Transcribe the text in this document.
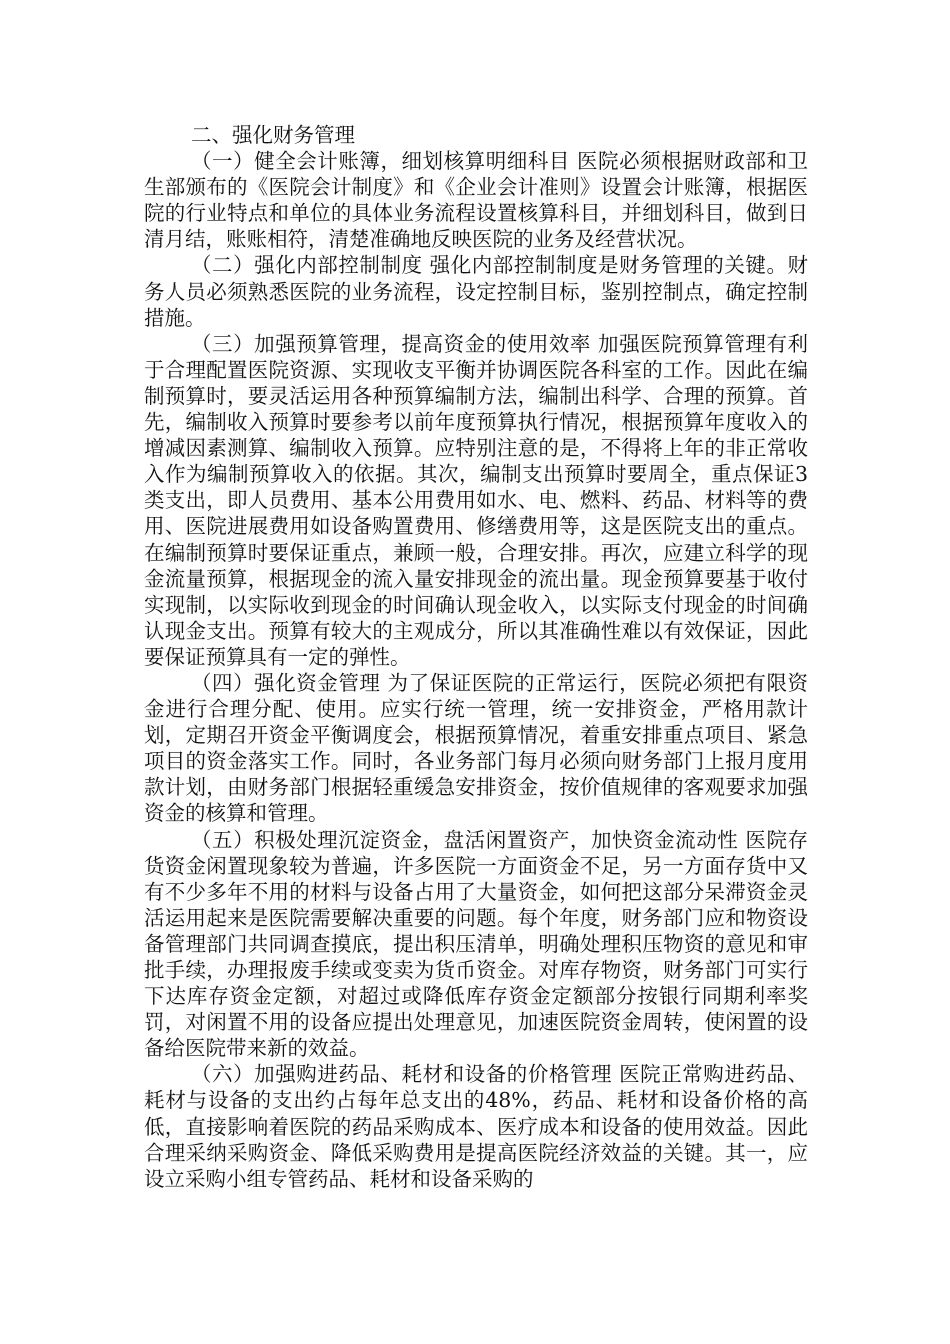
二、强化财务管理

（一）健全会计账簿，细划核算明细科目 医院必须根据财政部和卫生部颁布的《医院会计制度》和《企业会计准则》设置会计账簿，根据医院的行业特点和单位的具体业务流程设置核算科目，并细划科目，做到日清月结，账账相符，清楚准确地反映医院的业务及经营状况。

（二）强化内部控制制度 强化内部控制制度是财务管理的关键。财务人员必须熟悉医院的业务流程，设定控制目标，鉴别控制点，确定控制措施。

（三）加强预算管理，提高资金的使用效率 加强医院预算管理有利于合理配置医院资源、实现收支平衡并协调医院各科室的工作。因此在编制预算时，要灵活运用各种预算编制方法，编制出科学、合理的预算。首先，编制收入预算时要参考以前年度预算执行情况，根据预算年度收入的增减因素测算、编制收入预算。应特别注意的是，不得将上年的非正常收入作为编制预算收入的依据。其次，编制支出预算时要周全，重点保证3类支出，即人员费用、基本公用费用如水、电、燃料、药品、材料等的费用、医院进展费用如设备购置费用、修缮费用等，这是医院支出的重点。在编制预算时要保证重点，兼顾一般，合理安排。再次，应建立科学的现金流量预算，根据现金的流入量安排现金的流出量。现金预算要基于收付实现制，以实际收到现金的时间确认现金收入，以实际支付现金的时间确认现金支出。预算有较大的主观成分，所以其准确性难以有效保证，因此要保证预算具有一定的弹性。

（四）强化资金管理 为了保证医院的正常运行，医院必须把有限资金进行合理分配、使用。应实行统一管理，统一安排资金，严格用款计划，定期召开资金平衡调度会，根据预算情况，着重安排重点项目、紧急项目的资金落实工作。同时，各业务部门每月必须向财务部门上报月度用款计划，由财务部门根据轻重缓急安排资金，按价值规律的客观要求加强资金的核算和管理。

（五）积极处理沉淀资金，盘活闲置资产，加快资金流动性 医院存货资金闲置现象较为普遍，许多医院一方面资金不足，另一方面存货中又有不少多年不用的材料与设备占用了大量资金，如何把这部分呆滞资金灵活运用起来是医院需要解决重要的问题。每个年度，财务部门应和物资设备管理部门共同调查摸底，提出积压清单，明确处理积压物资的意见和审批手续，办理报废手续或变卖为货币资金。对库存物资，财务部门可实行下达库存资金定额，对超过或降低库存资金定额部分按银行同期利率奖罚，对闲置不用的设备应提出处理意见，加速医院资金周转，使闲置的设备给医院带来新的效益。

（六）加强购进药品、耗材和设备的价格管理 医院正常购进药品、耗材与设备的支出约占每年总支出的48%，药品、耗材和设备价格的高低，直接影响着医院的药品采购成本、医疗成本和设备的使用效益。因此合理采纳采购资金、降低采购费用是提高医院经济效益的关键。其一，应设立采购小组专管药品、耗材和设备采购的
